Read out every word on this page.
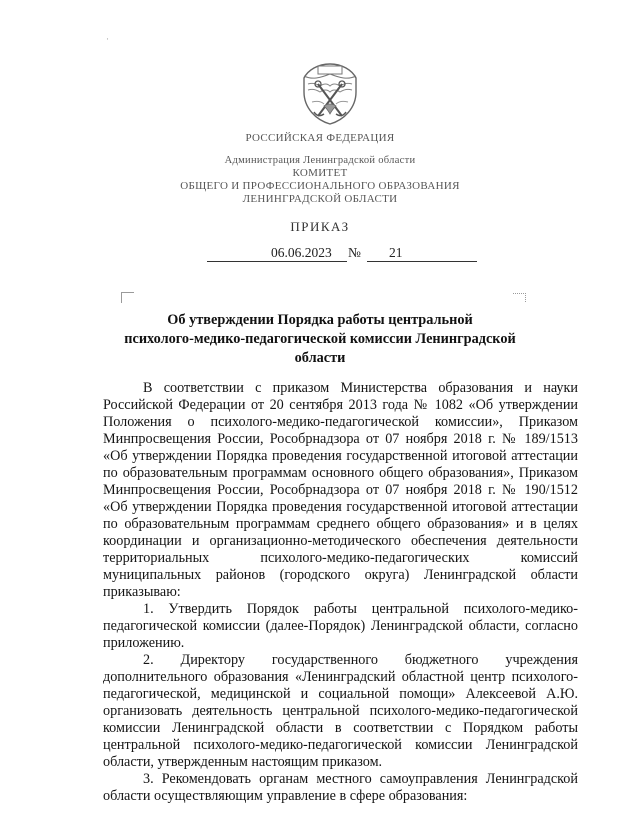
·
РОССИЙСКАЯ ФЕДЕРАЦИЯ
Администрация Ленинградской области
КОМИТЕТ
ОБЩЕГО И ПРОФЕССИОНАЛЬНОГО ОБРАЗОВАНИЯ
ЛЕНИНГРАДСКОЙ ОБЛАСТИ
ПРИКАЗ
06.06.2023 № 21
Об утверждении Порядка работы центральной
психолого-медико-педагогической комиссии Ленинградской
области
В соответствии с приказом Министерства образования и науки
Российской Федерации от 20 сентября 2013 года № 1082 «Об утверждении
Положения о психолого-медико-педагогической комиссии», Приказом
Минпросвещения России, Рособрнадзора от 07 ноября 2018 г. № 189/1513
«Об утверждении Порядка проведения государственной итоговой аттестации
по образовательным программам основного общего образования», Приказом
Минпросвещения России, Рособрнадзора от 07 ноября 2018 г. № 190/1512
«Об утверждении Порядка проведения государственной итоговой аттестации
по образовательным программам среднего общего образования» и в целях
координации и организационно-методического обеспечения деятельности
территориальных психолого-медико-педагогических комиссий
муниципальных районов (городского округа) Ленинградской области
приказываю:
1. Утвердить Порядок работы центральной психолого-медико-
педагогической комиссии (далее-Порядок) Ленинградской области, согласно
приложению.
2. Директору государственного бюджетного учреждения
дополнительного образования «Ленинградский областной центр психолого-
педагогической, медицинской и социальной помощи» Алексеевой А.Ю.
организовать деятельность центральной психолого-медико-педагогической
комиссии Ленинградской области в соответствии с Порядком работы
центральной психолого-медико-педагогической комиссии Ленинградской
области, утвержденным настоящим приказом.
3. Рекомендовать органам местного самоуправления Ленинградской
области осуществляющим управление в сфере образования:
